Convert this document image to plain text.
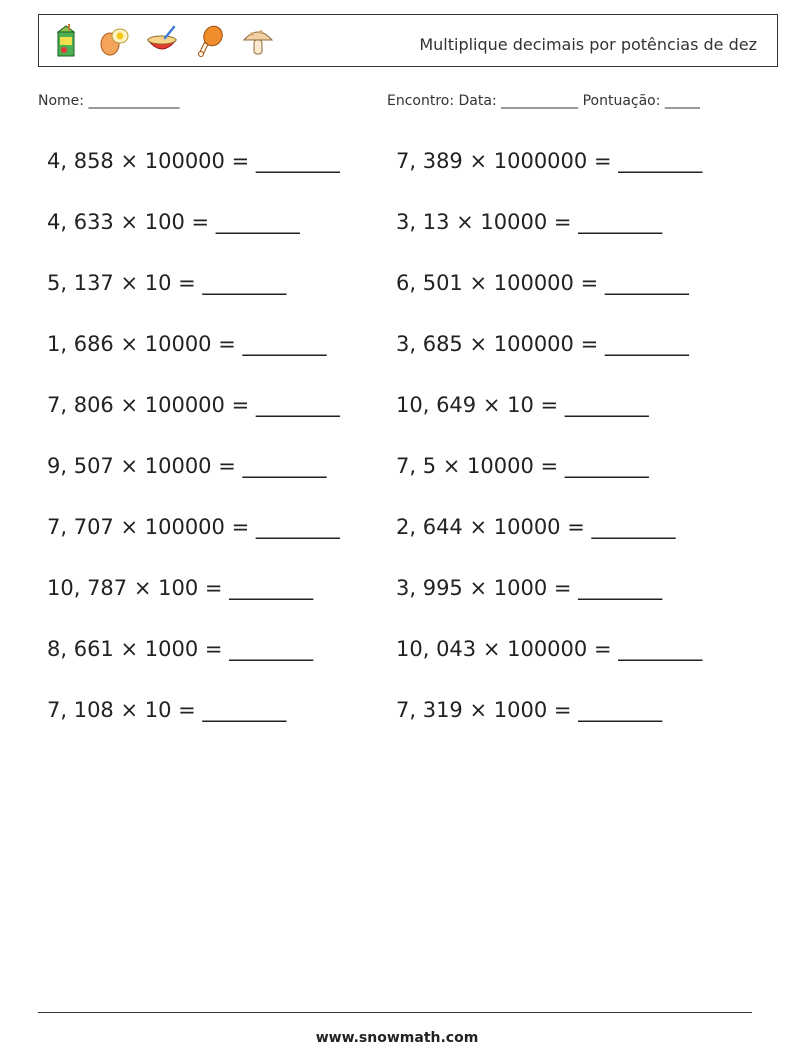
Multiplique decimais por potências de dez
Nome: _____________	Encontro: Data: ___________ Pontuação: _____
4, 858 × 100000 = ________
4, 633 × 100 = ________
5, 137 × 10 = ________
1, 686 × 10000 = ________
7, 806 × 100000 = ________
9, 507 × 10000 = ________
7, 707 × 100000 = ________
10, 787 × 100 = ________
8, 661 × 1000 = ________
7, 108 × 10 = ________
7, 389 × 1000000 = ________
3, 13 × 10000 = ________
6, 501 × 100000 = ________
3, 685 × 100000 = ________
10, 649 × 10 = ________
7, 5 × 10000 = ________
2, 644 × 10000 = ________
3, 995 × 1000 = ________
10, 043 × 100000 = ________
7, 319 × 1000 = ________
www.snowmath.com
